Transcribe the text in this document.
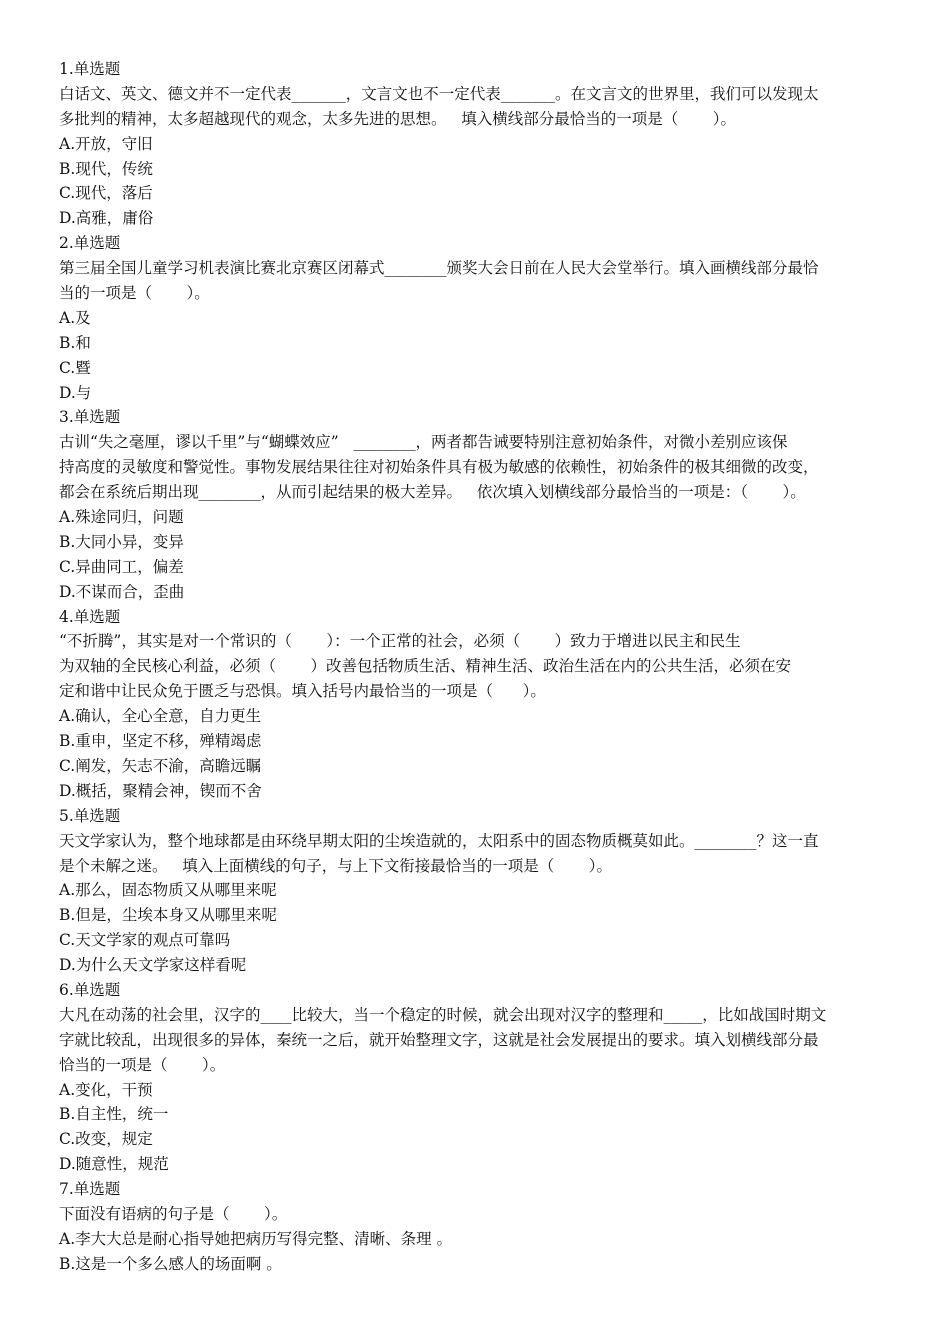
1.单选题
白话文、英文、德文并不一定代表_______，文言文也不一定代表_______。在文言文的世界里，我们可以发现太
多批判的精神，太多超越现代的观念，太多先进的思想。   填入横线部分最恰当的一项是（       ）。
A.开放，守旧
B.现代，传统
C.现代，落后
D.高雅，庸俗
2.单选题
第三届全国儿童学习机表演比赛北京赛区闭幕式________颁奖大会日前在人民大会堂举行。填入画横线部分最恰
当的一项是（       ）。
A.及
B.和
C.暨
D.与
3.单选题
古训“失之毫厘，谬以千里”与“蝴蝶效应”   ________，两者都告诫要特别注意初始条件，对微小差别应该保
持高度的灵敏度和警觉性。事物发展结果往往对初始条件具有极为敏感的依赖性，初始条件的极其细微的改变，
都会在系统后期出现________，从而引起结果的极大差异。   依次填入划横线部分最恰当的一项是：（       ）。
A.殊途同归，问题
B.大同小异，变异
C.异曲同工，偏差
D.不谋而合，歪曲
4.单选题
“不折腾”，其实是对一个常识的（       ）：一个正常的社会，必须（       ）致力于增进以民主和民生
为双轴的全民核心利益，必须（       ）改善包括物质生活、精神生活、政治生活在内的公共生活，必须在安
定和谐中让民众免于匮乏与恐惧。填入括号内最恰当的一项是（      ）。
A.确认，全心全意，自力更生
B.重申，坚定不移，殚精竭虑
C.阐发，矢志不渝，高瞻远瞩
D.概括，聚精会神，锲而不舍
5.单选题
天文学家认为，整个地球都是由环绕早期太阳的尘埃造就的，太阳系中的固态物质概莫如此。________？这一直
是个未解之迷。   填入上面横线的句子，与上下文衔接最恰当的一项是（       ）。
A.那么，固态物质又从哪里来呢
B.但是，尘埃本身又从哪里来呢
C.天文学家的观点可靠吗
D.为什么天文学家这样看呢
6.单选题
大凡在动荡的社会里，汉字的____比较大，当一个稳定的时候，就会出现对汉字的整理和_____，比如战国时期文
字就比较乱，出现很多的异体，秦统一之后，就开始整理文字，这就是社会发展提出的要求。填入划横线部分最
恰当的一项是（       ）。
A.变化，干预
B.自主性，统一
C.改变，规定
D.随意性，规范
7.单选题
下面没有语病的句子是（       ）。
A.李大大总是耐心指导她把病历写得完整、清晰、条理 。
B.这是一个多么感人的场面啊 。
